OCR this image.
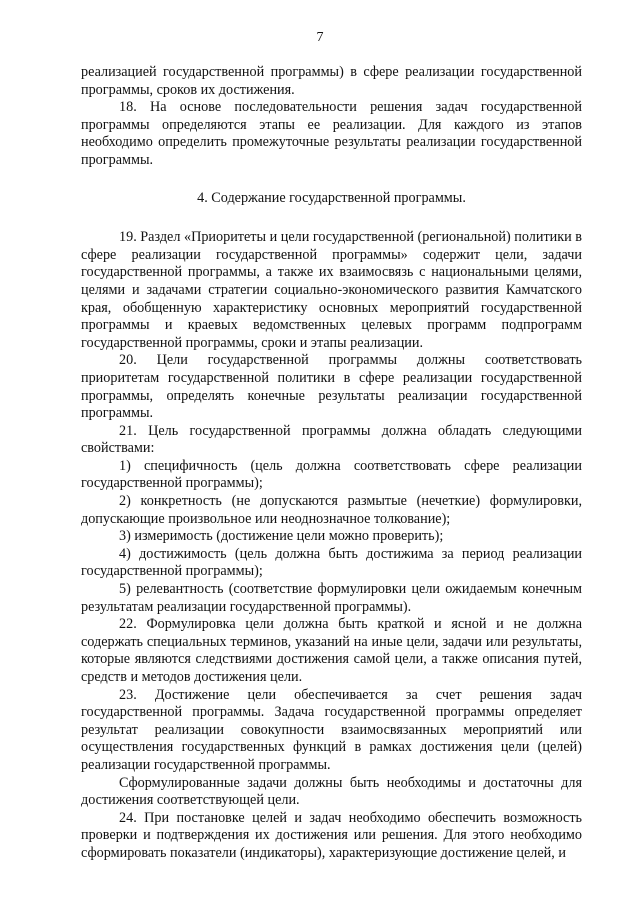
7

реализацией государственной программы) в сфере реализации государственной программы, сроков их достижения.

18. На основе последовательности решения задач государственной программы определяются этапы ее реализации. Для каждого из этапов необходимо определить промежуточные результаты реализации государственной программы.

4. Содержание государственной программы.

19. Раздел «Приоритеты и цели государственной (региональной) политики в сфере реализации государственной программы» содержит цели, задачи государственной программы, а также их взаимосвязь с национальными целями, целями и задачами стратегии социально-экономического развития Камчатского края, обобщенную характеристику основных мероприятий государственной программы и краевых ведомственных целевых программ подпрограмм государственной программы, сроки и этапы реализации.

20. Цели государственной программы должны соответствовать приоритетам государственной политики в сфере реализации государственной программы, определять конечные результаты реализации государственной программы.

21. Цель государственной программы должна обладать следующими свойствами:

1) специфичность (цель должна соответствовать сфере реализации государственной программы);

2) конкретность (не допускаются размытые (нечеткие) формулировки, допускающие произвольное или неоднозначное толкование);

3) измеримость (достижение цели можно проверить);

4) достижимость (цель должна быть достижима за период реализации государственной программы);

5) релевантность (соответствие формулировки цели ожидаемым конечным результатам реализации государственной программы).

22. Формулировка цели должна быть краткой и ясной и не должна содержать специальных терминов, указаний на иные цели, задачи или результаты, которые являются следствиями достижения самой цели, а также описания путей, средств и методов достижения цели.

23. Достижение цели обеспечивается за счет решения задач государственной программы. Задача государственной программы определяет результат реализации совокупности взаимосвязанных мероприятий или осуществления государственных функций в рамках достижения цели (целей) реализации государственной программы.

Сформулированные задачи должны быть необходимы и достаточны для достижения соответствующей цели.

24. При постановке целей и задач необходимо обеспечить возможность проверки и подтверждения их достижения или решения. Для этого необходимо сформировать показатели (индикаторы), характеризующие достижение целей, и
